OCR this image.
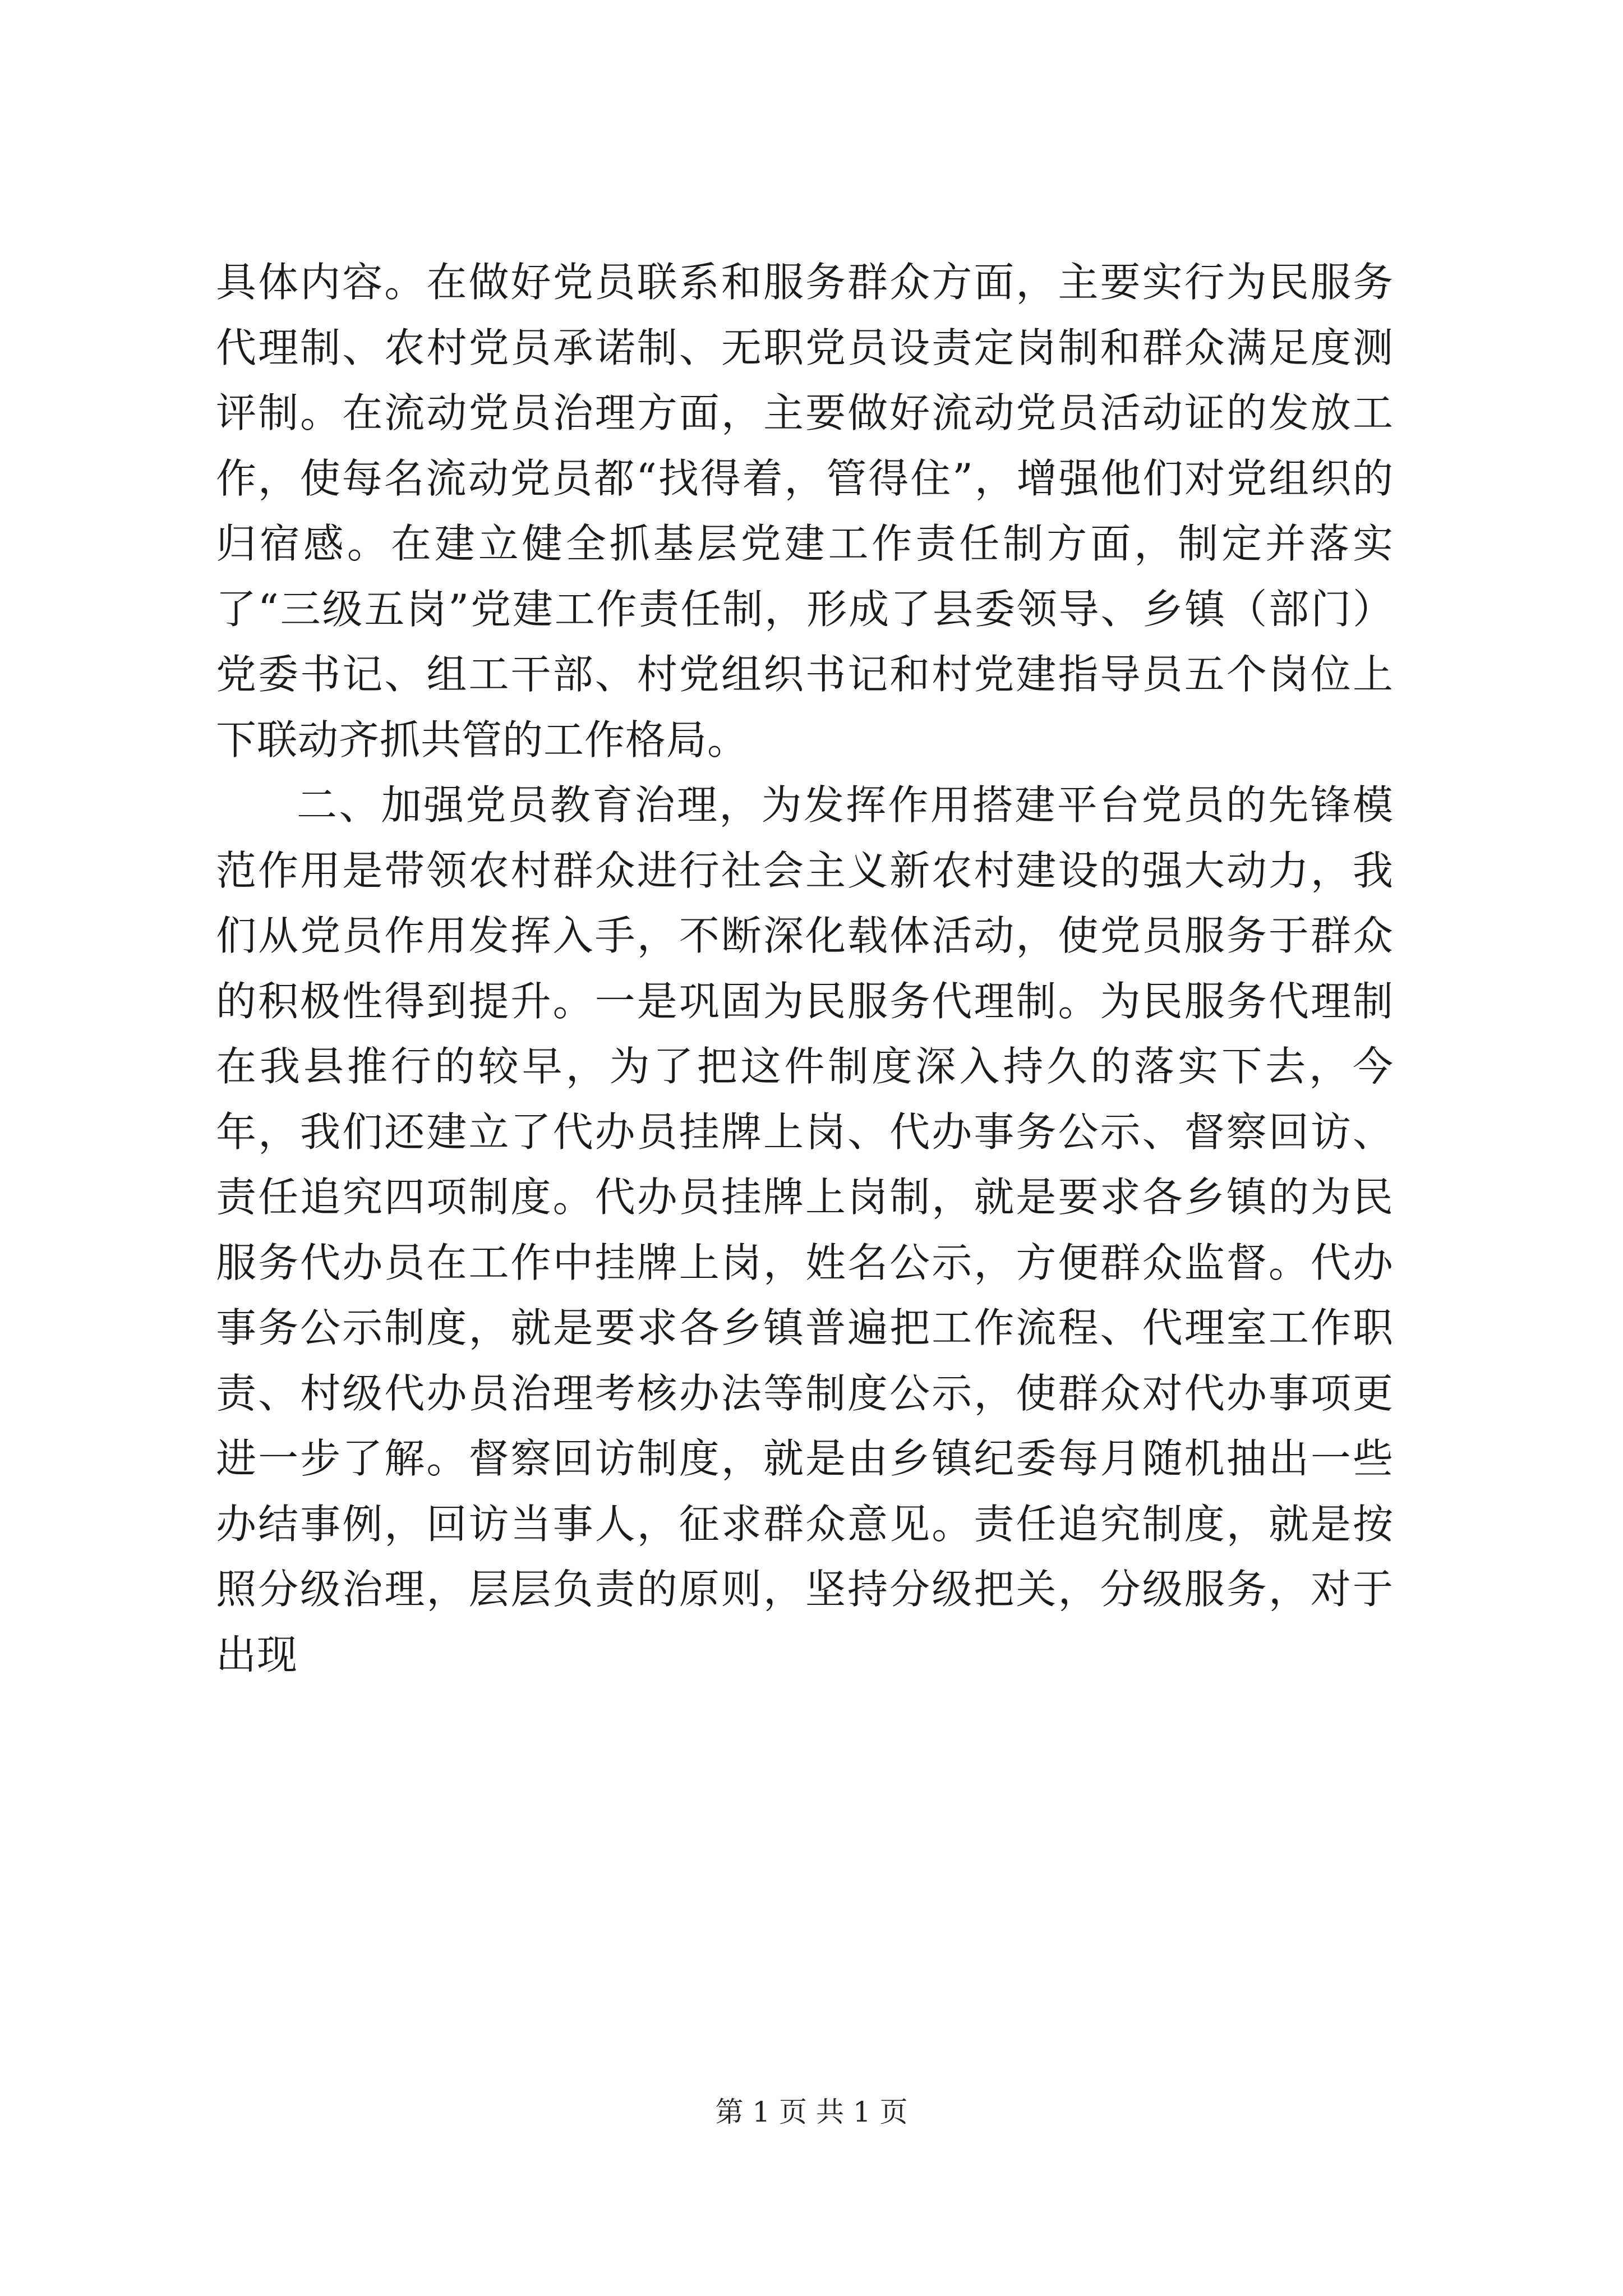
具体内容。在做好党员联系和服务群众方面，主要实行为民服务代理制、农村党员承诺制、无职党员设责定岗制和群众满足度测评制。在流动党员治理方面，主要做好流动党员活动证的发放工作，使每名流动党员都“找得着，管得住”，增强他们对党组织的归宿感。在建立健全抓基层党建工作责任制方面，制定并落实了“三级五岗”党建工作责任制，形成了县委领导、乡镇（部门）党委书记、组工干部、村党组织书记和村党建指导员五个岗位上下联动齐抓共管的工作格局。

二、加强党员教育治理，为发挥作用搭建平台党员的先锋模范作用是带领农村群众进行社会主义新农村建设的强大动力，我们从党员作用发挥入手，不断深化载体活动，使党员服务于群众的积极性得到提升。一是巩固为民服务代理制。为民服务代理制在我县推行的较早，为了把这件制度深入持久的落实下去，今年，我们还建立了代办员挂牌上岗、代办事务公示、督察回访、责任追究四项制度。代办员挂牌上岗制，就是要求各乡镇的为民服务代办员在工作中挂牌上岗，姓名公示，方便群众监督。代办事务公示制度，就是要求各乡镇普遍把工作流程、代理室工作职责、村级代办员治理考核办法等制度公示，使群众对代办事项更进一步了解。督察回访制度，就是由乡镇纪委每月随机抽出一些办结事例，回访当事人，征求群众意见。责任追究制度，就是按照分级治理，层层负责的原则，坚持分级把关，分级服务，对于出现

第 1 页 共 1 页
